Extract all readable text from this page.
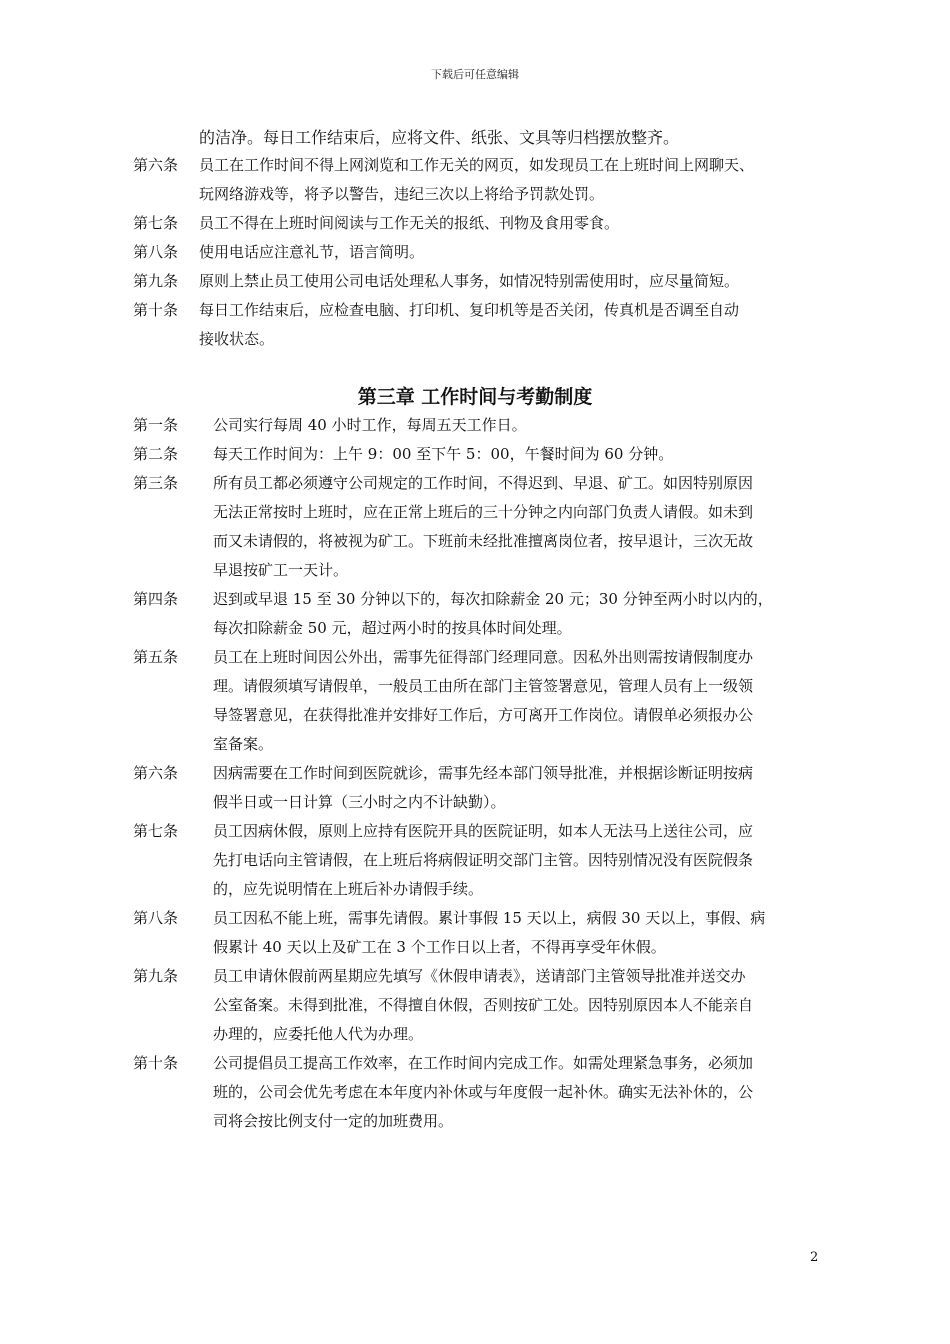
下载后可任意编辑
的洁净。每日工作结束后，应将文件、纸张、文具等归档摆放整齐。
第六条 员工在工作时间不得上网浏览和工作无关的网页，如发现员工在上班时间上网聊天、
玩网络游戏等，将予以警告，违纪三次以上将给予罚款处罚。
第七条 员工不得在上班时间阅读与工作无关的报纸、刊物及食用零食。
第八条 使用电话应注意礼节，语言简明。
第九条 原则上禁止员工使用公司电话处理私人事务，如情况特别需使用时，应尽量简短。
第十条 每日工作结束后，应检查电脑、打印机、复印机等是否关闭，传真机是否调至自动
接收状态。
第三章 工作时间与考勤制度
第一条 公司实行每周 40 小时工作，每周五天工作日。
第二条 每天工作时间为：上午 9：00 至下午 5：00，午餐时间为 60 分钟。
第三条 所有员工都必须遵守公司规定的工作时间，不得迟到、早退、矿工。如因特别原因
无法正常按时上班时，应在正常上班后的三十分钟之内向部门负责人请假。如未到
而又未请假的，将被视为矿工。下班前未经批准擅离岗位者，按早退计，三次无故
早退按矿工一天计。
第四条 迟到或早退 15 至 30 分钟以下的，每次扣除薪金 20 元；30 分钟至两小时以内的，
每次扣除薪金 50 元，超过两小时的按具体时间处理。
第五条 员工在上班时间因公外出，需事先征得部门经理同意。因私外出则需按请假制度办
理。请假须填写请假单，一般员工由所在部门主管签署意见，管理人员有上一级领
导签署意见，在获得批准并安排好工作后，方可离开工作岗位。请假单必须报办公
室备案。
第六条 因病需要在工作时间到医院就诊，需事先经本部门领导批准，并根据诊断证明按病
假半日或一日计算（三小时之内不计缺勤）。
第七条 员工因病休假，原则上应持有医院开具的医院证明，如本人无法马上送往公司，应
先打电话向主管请假，在上班后将病假证明交部门主管。因特别情况没有医院假条
的，应先说明情在上班后补办请假手续。
第八条 员工因私不能上班，需事先请假。累计事假 15 天以上，病假 30 天以上，事假、病
假累计 40 天以上及矿工在 3 个工作日以上者，不得再享受年休假。
第九条 员工申请休假前两星期应先填写《休假申请表》，送请部门主管领导批准并送交办
公室备案。未得到批准，不得擅自休假，否则按矿工处。因特别原因本人不能亲自
办理的，应委托他人代为办理。
第十条 公司提倡员工提高工作效率，在工作时间内完成工作。如需处理紧急事务，必须加
班的，公司会优先考虑在本年度内补休或与年度假一起补休。确实无法补休的，公
司将会按比例支付一定的加班费用。
2
